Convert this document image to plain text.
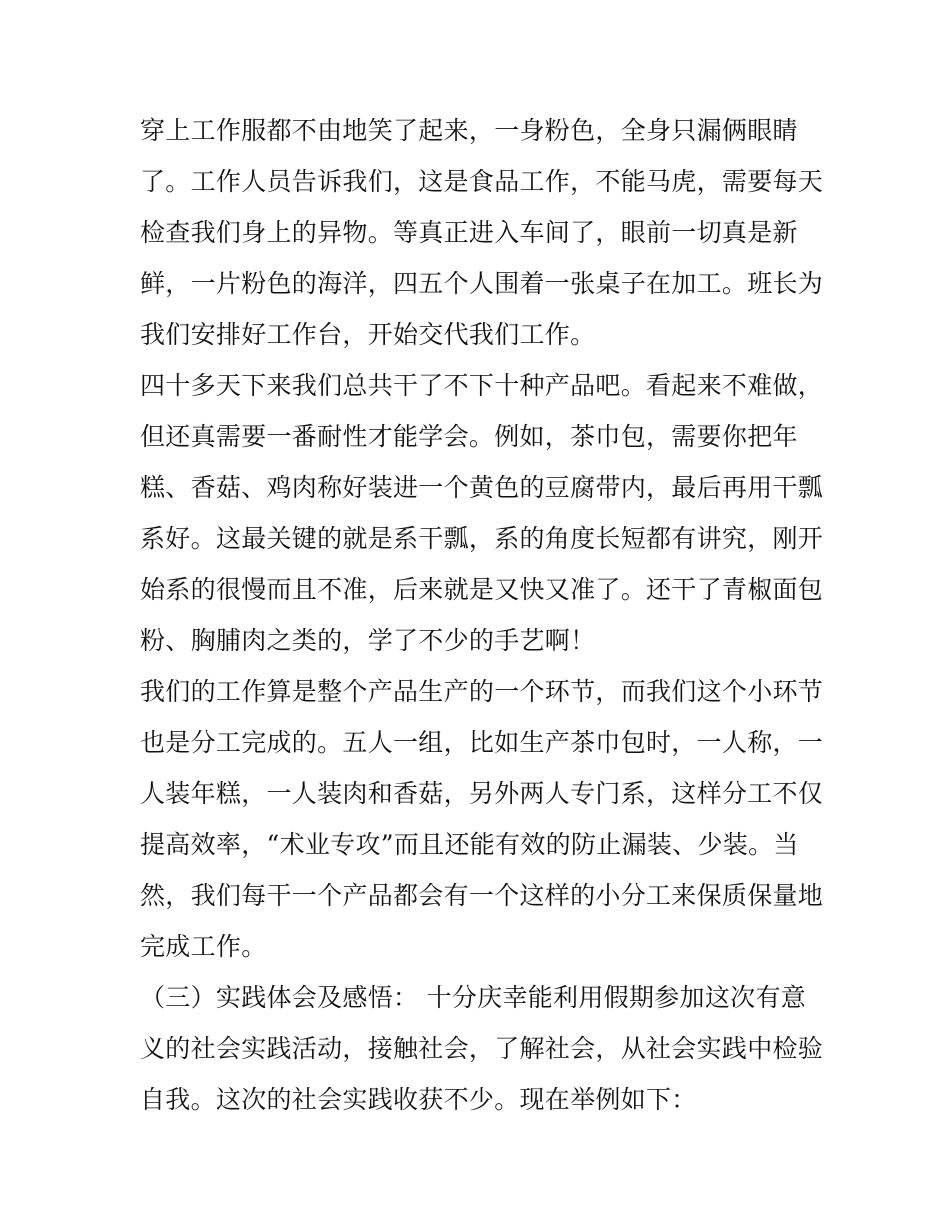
穿上工作服都不由地笑了起来，一身粉色，全身只漏俩眼睛
了。工作人员告诉我们，这是食品工作，不能马虎，需要每天
检查我们身上的异物。等真正进入车间了，眼前一切真是新
鲜，一片粉色的海洋，四五个人围着一张桌子在加工。班长为
我们安排好工作台，开始交代我们工作。
四十多天下来我们总共干了不下十种产品吧。看起来不难做，
但还真需要一番耐性才能学会。例如，茶巾包，需要你把年
糕、香菇、鸡肉称好装进一个黄色的豆腐带内，最后再用干瓢
系好。这最关键的就是系干瓢，系的角度长短都有讲究，刚开
始系的很慢而且不准，后来就是又快又准了。还干了青椒面包
粉、胸脯肉之类的，学了不少的手艺啊！
我们的工作算是整个产品生产的一个环节，而我们这个小环节
也是分工完成的。五人一组，比如生产茶巾包时，一人称，一
人装年糕，一人装肉和香菇，另外两人专门系，这样分工不仅
提高效率，“术业专攻”而且还能有效的防止漏装、少装。当
然，我们每干一个产品都会有一个这样的小分工来保质保量地
完成工作。
（三）实践体会及感悟： 十分庆幸能利用假期参加这次有意
义的社会实践活动，接触社会，了解社会，从社会实践中检验
自我。这次的社会实践收获不少。现在举例如下：
